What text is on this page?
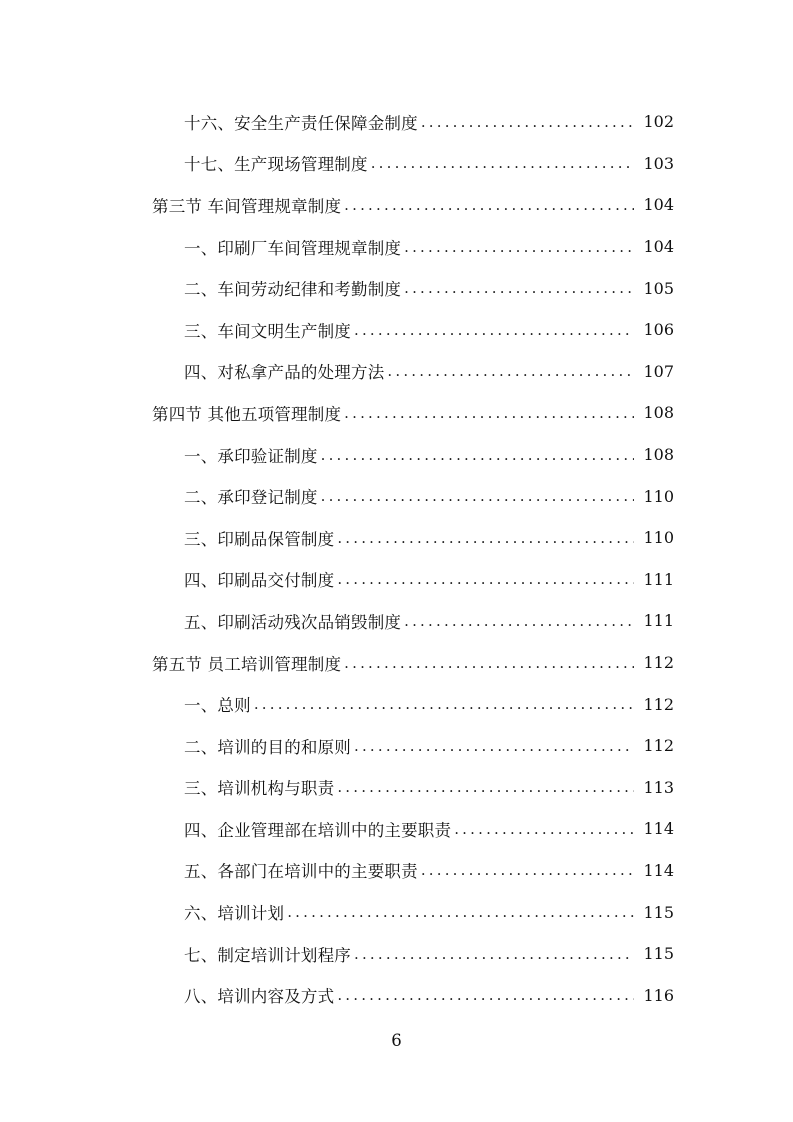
十六、安全生产责任保障金制度 .....	102
十七、生产现场管理制度 .....	103
第三节 车间管理规章制度 .....	104
一、印刷厂车间管理规章制度 .....	104
二、车间劳动纪律和考勤制度 .....	105
三、车间文明生产制度 .....	106
四、对私拿产品的处理方法 .....	107
第四节 其他五项管理制度 .....	108
一、承印验证制度 .....	108
二、承印登记制度 .....	110
三、印刷品保管制度 .....	110
四、印刷品交付制度 .....	111
五、印刷活动残次品销毁制度 .....	111
第五节 员工培训管理制度 .....	112
一、总则 .....	112
二、培训的目的和原则 .....	112
三、培训机构与职责 .....	113
四、企业管理部在培训中的主要职责 .....	114
五、各部门在培训中的主要职责 .....	114
六、培训计划 .....	115
七、制定培训计划程序 .....	115
八、培训内容及方式 .....	116
6
